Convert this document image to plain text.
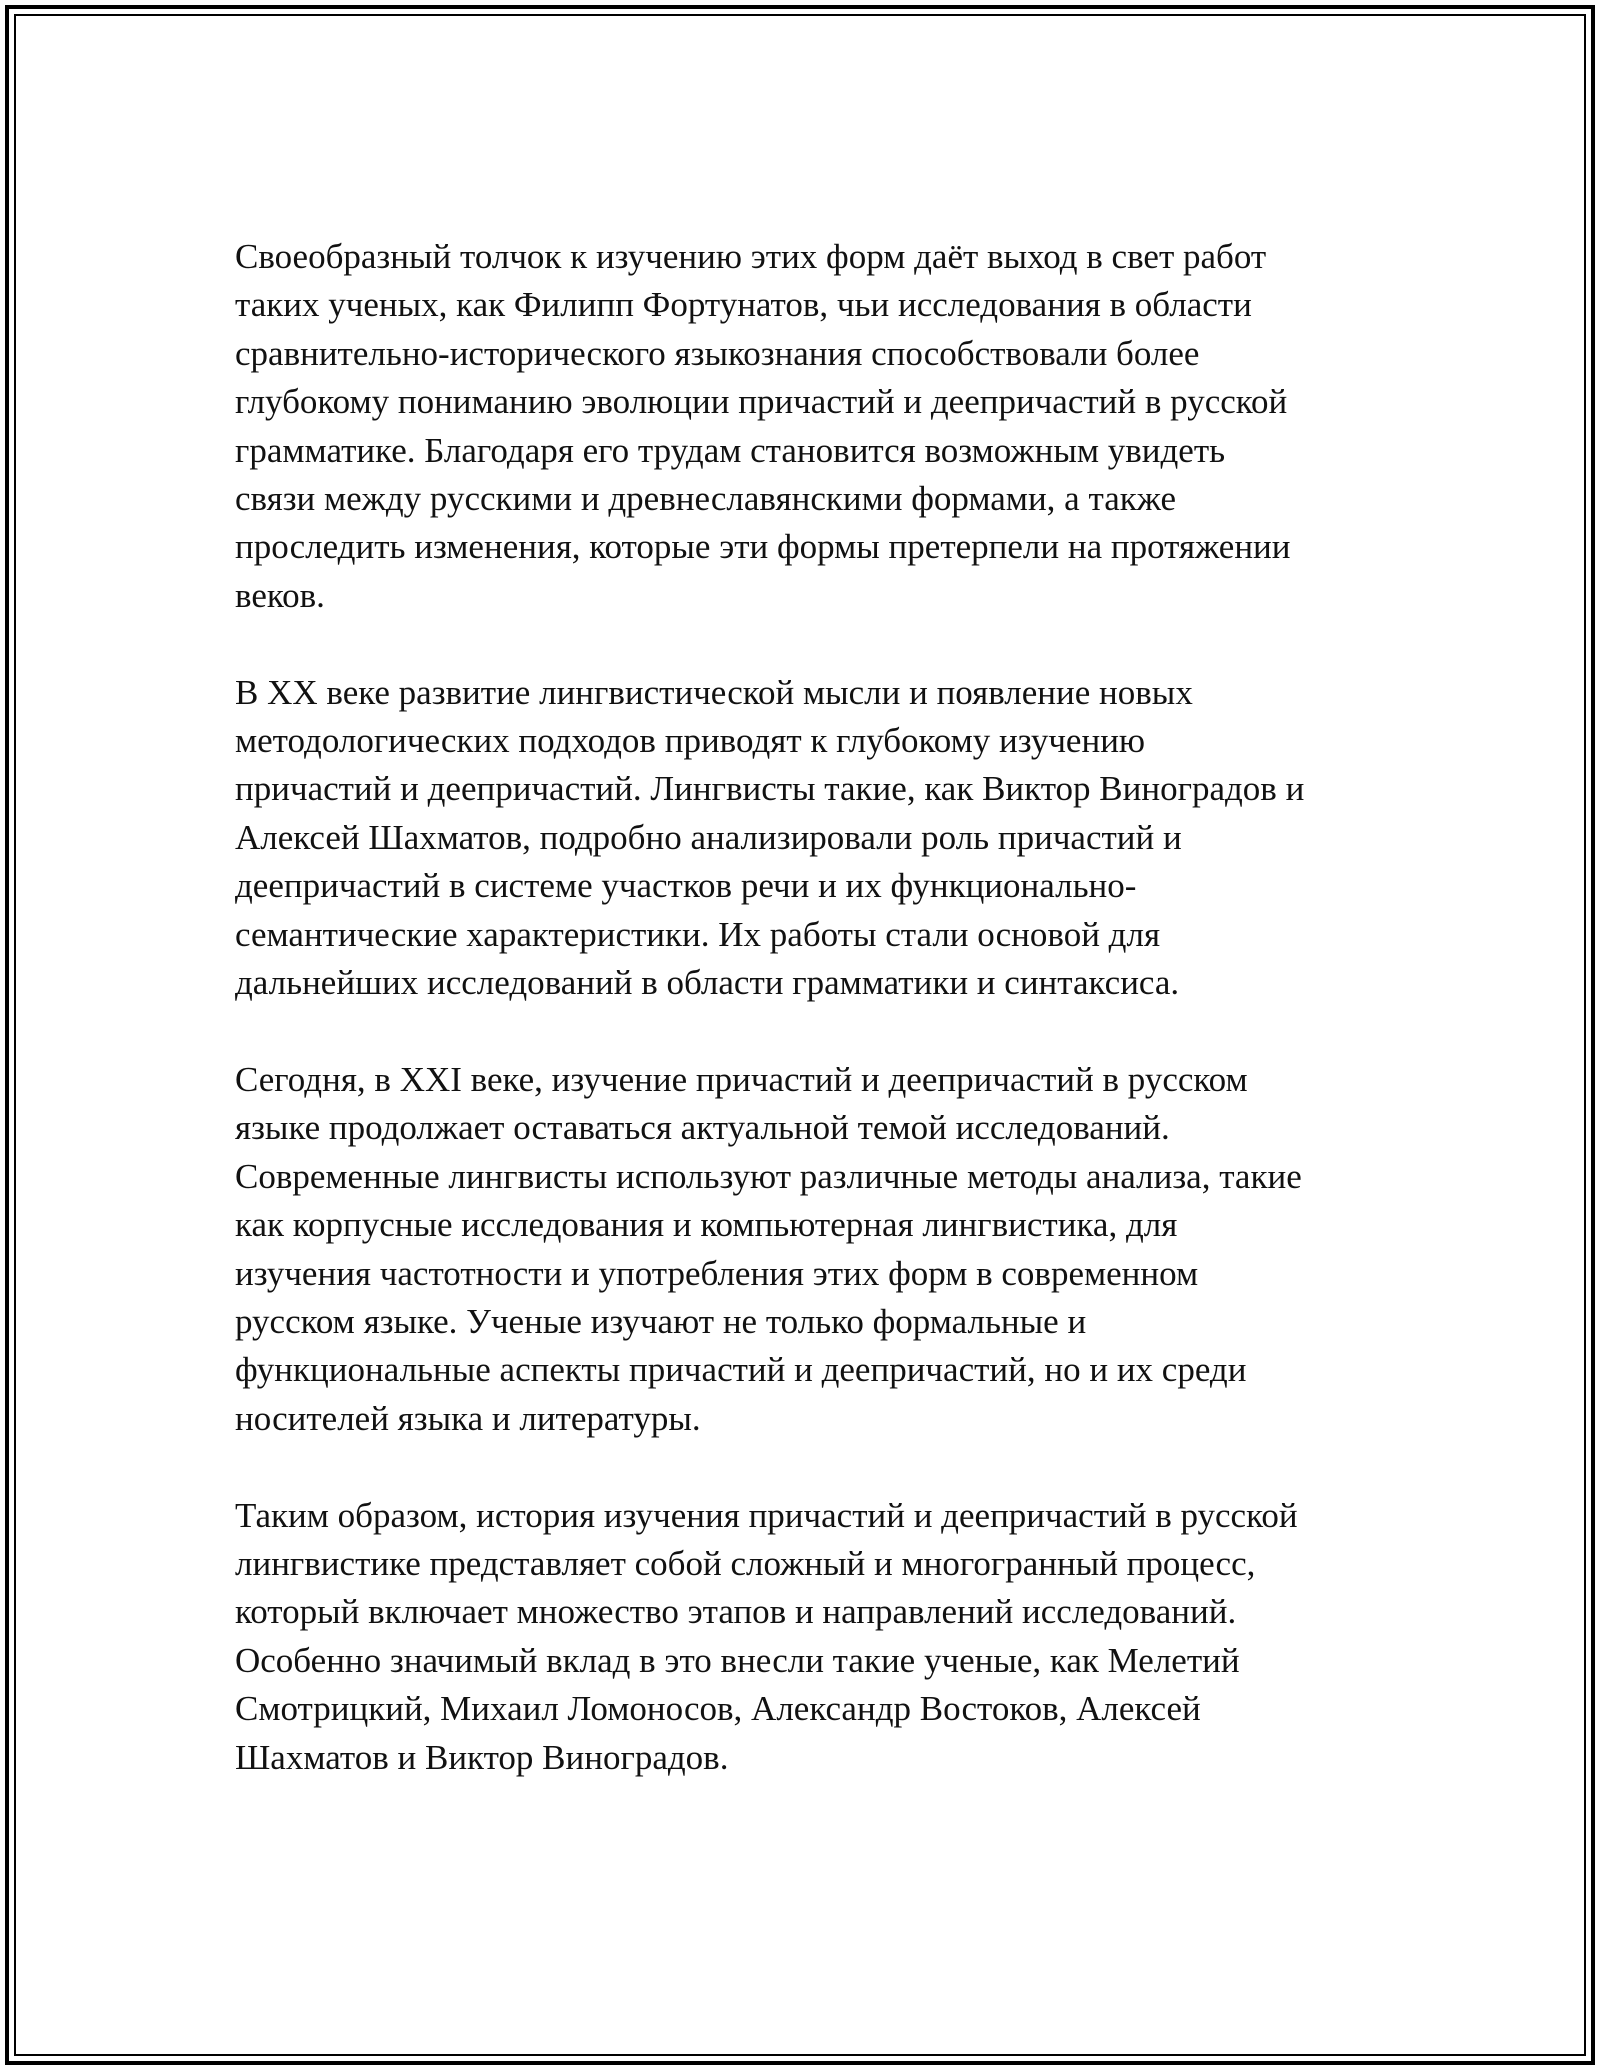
Своеобразный толчок к изучению этих форм даёт выход в свет работ
таких ученых, как Филипп Фортунатов, чьи исследования в области
сравнительно-исторического языкознания способствовали более
глубокому пониманию эволюции причастий и деепричастий в русской
грамматике. Благодаря его трудам становится возможным увидеть
связи между русскими и древнеславянскими формами, а также
проследить изменения, которые эти формы претерпели на протяжении
веков.

В XX веке развитие лингвистической мысли и появление новых
методологических подходов приводят к глубокому изучению
причастий и деепричастий. Лингвисты такие, как Виктор Виноградов и
Алексей Шахматов, подробно анализировали роль причастий и
деепричастий в системе участков речи и их функционально-
семантические характеристики. Их работы стали основой для
дальнейших исследований в области грамматики и синтаксиса.

Сегодня, в XXI веке, изучение причастий и деепричастий в русском
языке продолжает оставаться актуальной темой исследований.
Современные лингвисты используют различные методы анализа, такие
как корпусные исследования и компьютерная лингвистика, для
изучения частотности и употребления этих форм в современном
русском языке. Ученые изучают не только формальные и
функциональные аспекты причастий и деепричастий, но и их среди
носителей языка и литературы.

Таким образом, история изучения причастий и деепричастий в русской
лингвистике представляет собой сложный и многогранный процесс,
который включает множество этапов и направлений исследований.
Особенно значимый вклад в это внесли такие ученые, как Мелетий
Смотрицкий, Михаил Ломоносов, Александр Востоков, Алексей
Шахматов и Виктор Виноградов.
